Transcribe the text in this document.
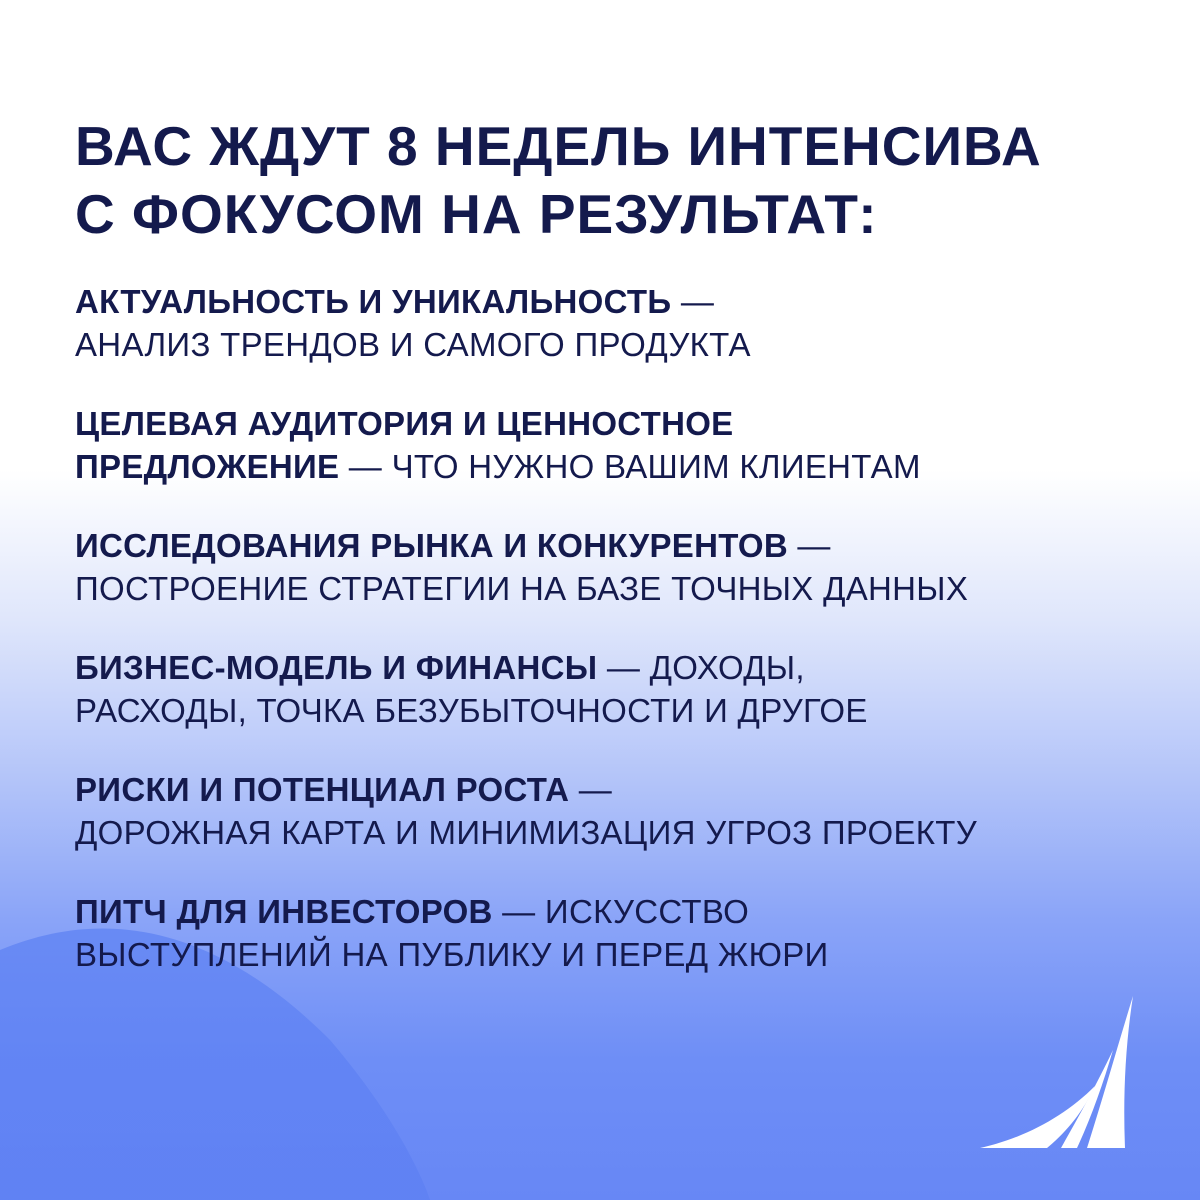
ВАС ЖДУТ 8 НЕДЕЛЬ ИНТЕНСИВА
С ФОКУСОМ НА РЕЗУЛЬТАТ:
АКТУАЛЬНОСТЬ И УНИКАЛЬНОСТЬ —
АНАЛИЗ ТРЕНДОВ И САМОГО ПРОДУКТА
ЦЕЛЕВАЯ АУДИТОРИЯ И ЦЕННОСТНОЕ
ПРЕДЛОЖЕНИЕ — ЧТО НУЖНО ВАШИМ КЛИЕНТАМ
ИССЛЕДОВАНИЯ РЫНКА И КОНКУРЕНТОВ —
ПОСТРОЕНИЕ СТРАТЕГИИ НА БАЗЕ ТОЧНЫХ ДАННЫХ
БИЗНЕС-МОДЕЛЬ И ФИНАНСЫ — ДОХОДЫ,
РАСХОДЫ, ТОЧКА БЕЗУБЫТОЧНОСТИ И ДРУГОЕ
РИСКИ И ПОТЕНЦИАЛ РОСТА —
ДОРОЖНАЯ КАРТА И МИНИМИЗАЦИЯ УГРОЗ ПРОЕКТУ
ПИТЧ ДЛЯ ИНВЕСТОРОВ — ИСКУССТВО
ВЫСТУПЛЕНИЙ НА ПУБЛИКУ И ПЕРЕД ЖЮРИ
